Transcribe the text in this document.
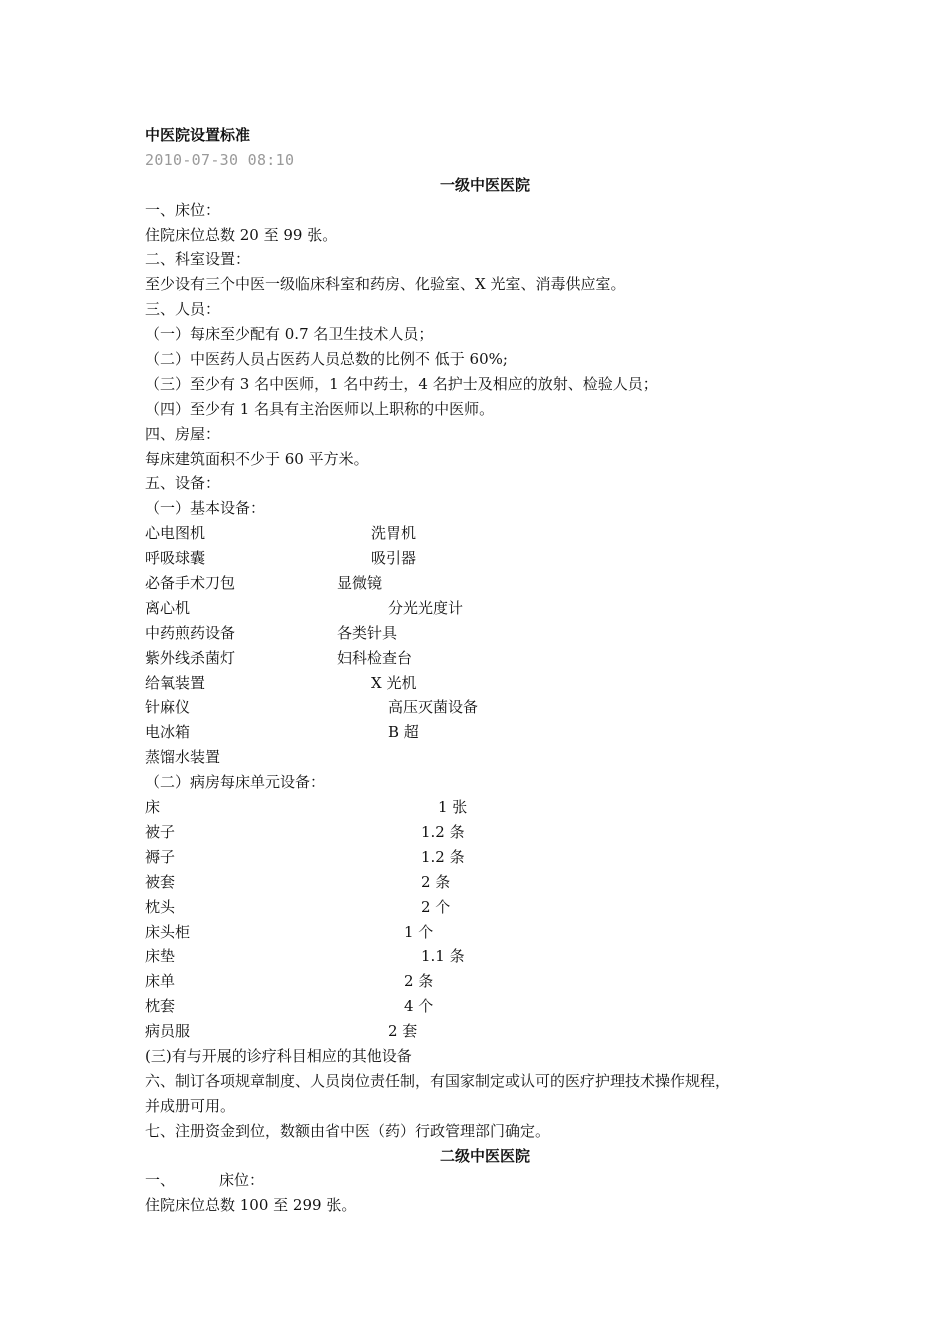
中医院设置标准
2010-07-30 08:10
一级中医医院
一、床位：
住院床位总数 20 至 99 张。
二、科室设置：
至少设有三个中医一级临床科室和药房、化验室、X 光室、消毒供应室。
三、人员：
（一）每床至少配有 0.7 名卫生技术人员；
（二）中医药人员占医药人员总数的比例不 低于 60%;
（三）至少有 3 名中医师，1 名中药士，4 名护士及相应的放射、检验人员；
（四）至少有 1 名具有主治医师以上职称的中医师。
四、房屋：
每床建筑面积不少于 60 平方米。
五、设备：
（一）基本设备：
心电图机	洗胃机
呼吸球囊	吸引器
必备手术刀包	显微镜
离心机	分光光度计
中药煎药设备	各类针具
紫外线杀菌灯	妇科检查台
给氧装置	X 光机
针麻仪	高压灭菌设备
电冰箱	B 超
蒸馏水装置
（二）病房每床单元设备：
床	1 张
被子	1.2 条
褥子	1.2 条
被套	2 条
枕头	2 个
床头柜	1 个
床垫	1.1 条
床单	2 条
枕套	4 个
病员服	2 套
(三)有与开展的诊疗科目相应的其他设备
六、制订各项规章制度、人员岗位责任制，有国家制定或认可的医疗护理技术操作规程，
并成册可用。
七、注册资金到位，数额由省中医（药）行政管理部门确定。
二级中医医院
一、	床位：
住院床位总数 100 至 299 张。
